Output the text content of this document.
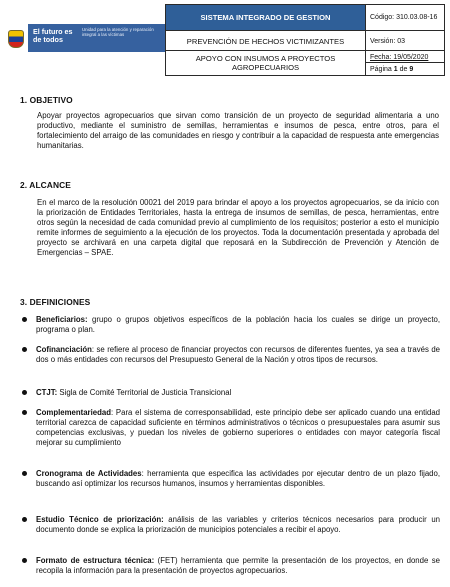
El futuro es de todos
Unidad para la atención y reparación integral a las víctimas
SISTEMA INTEGRADO DE GESTION	Código: 310.03.08-16
PREVENCIÓN DE HECHOS VICTIMIZANTES	Versión: 03
APOYO CON INSUMOS A PROYECTOS AGROPECUARIOS
Fecha: 19/05/2020
Página 1 de 9
1. OBJETIVO

Apoyar proyectos agropecuarios que sirvan como transición de un proyecto de seguridad alimentaria a uno productivo, mediante el suministro de semillas, herramientas e insumos de pesca, entre otros, para el fortalecimiento del arraigo de las comunidades en riesgo y contribuir a la capacidad de respuesta ante emergencias humanitarias.

2. ALCANCE

En el marco de la resolución 00021 del 2019 para brindar el apoyo a los proyectos agropecuarios, se da inicio con la priorización de Entidades Territoriales, hasta la entrega de insumos de semillas, de pesca, herramientas, entre otros según la necesidad de cada comunidad previo al cumplimiento de los requisitos; posterior a esto el municipio remite informes de seguimiento a la ejecución de los proyectos. Toda la documentación presentada y aprobada del proyecto se archivará en una carpeta digital que reposará en la Subdirección de Prevención y Atención de Emergencias – SPAE.

3. DEFINICIONES

Beneficiarios: grupo o grupos objetivos específicos de la población hacia los cuales se dirige un proyecto, programa o plan.

Cofinanciación: se refiere al proceso de financiar proyectos con recursos de diferentes fuentes, ya sea a través de dos o más entidades con recursos del Presupuesto General de la Nación y otros tipos de recursos.

CTJT: Sigla de Comité Territorial de Justicia Transicional

Complementariedad: Para el sistema de corresponsabilidad, este principio debe ser aplicado cuando una entidad territorial carezca de capacidad suficiente en términos administrativos o técnicos o presupuestales para asumir sus competencias exclusivas, y puedan los niveles de gobierno superiores o entidades con mayor categoría fiscal mejorar su cumplimiento

Cronograma de Actividades: herramienta que especifica las actividades por ejecutar dentro de un plazo fijado, buscando así optimizar los recursos humanos, insumos y herramientas disponibles.

Estudio Técnico de priorización: análisis de las variables y criterios técnicos necesarios para producir un documento donde se explica la priorización de municipios potenciales a recibir el apoyo.

Formato de estructura técnica: (FET) herramienta que permite la presentación de los proyectos, en donde se recopila la información para la presentación de proyectos agropecuarios.
